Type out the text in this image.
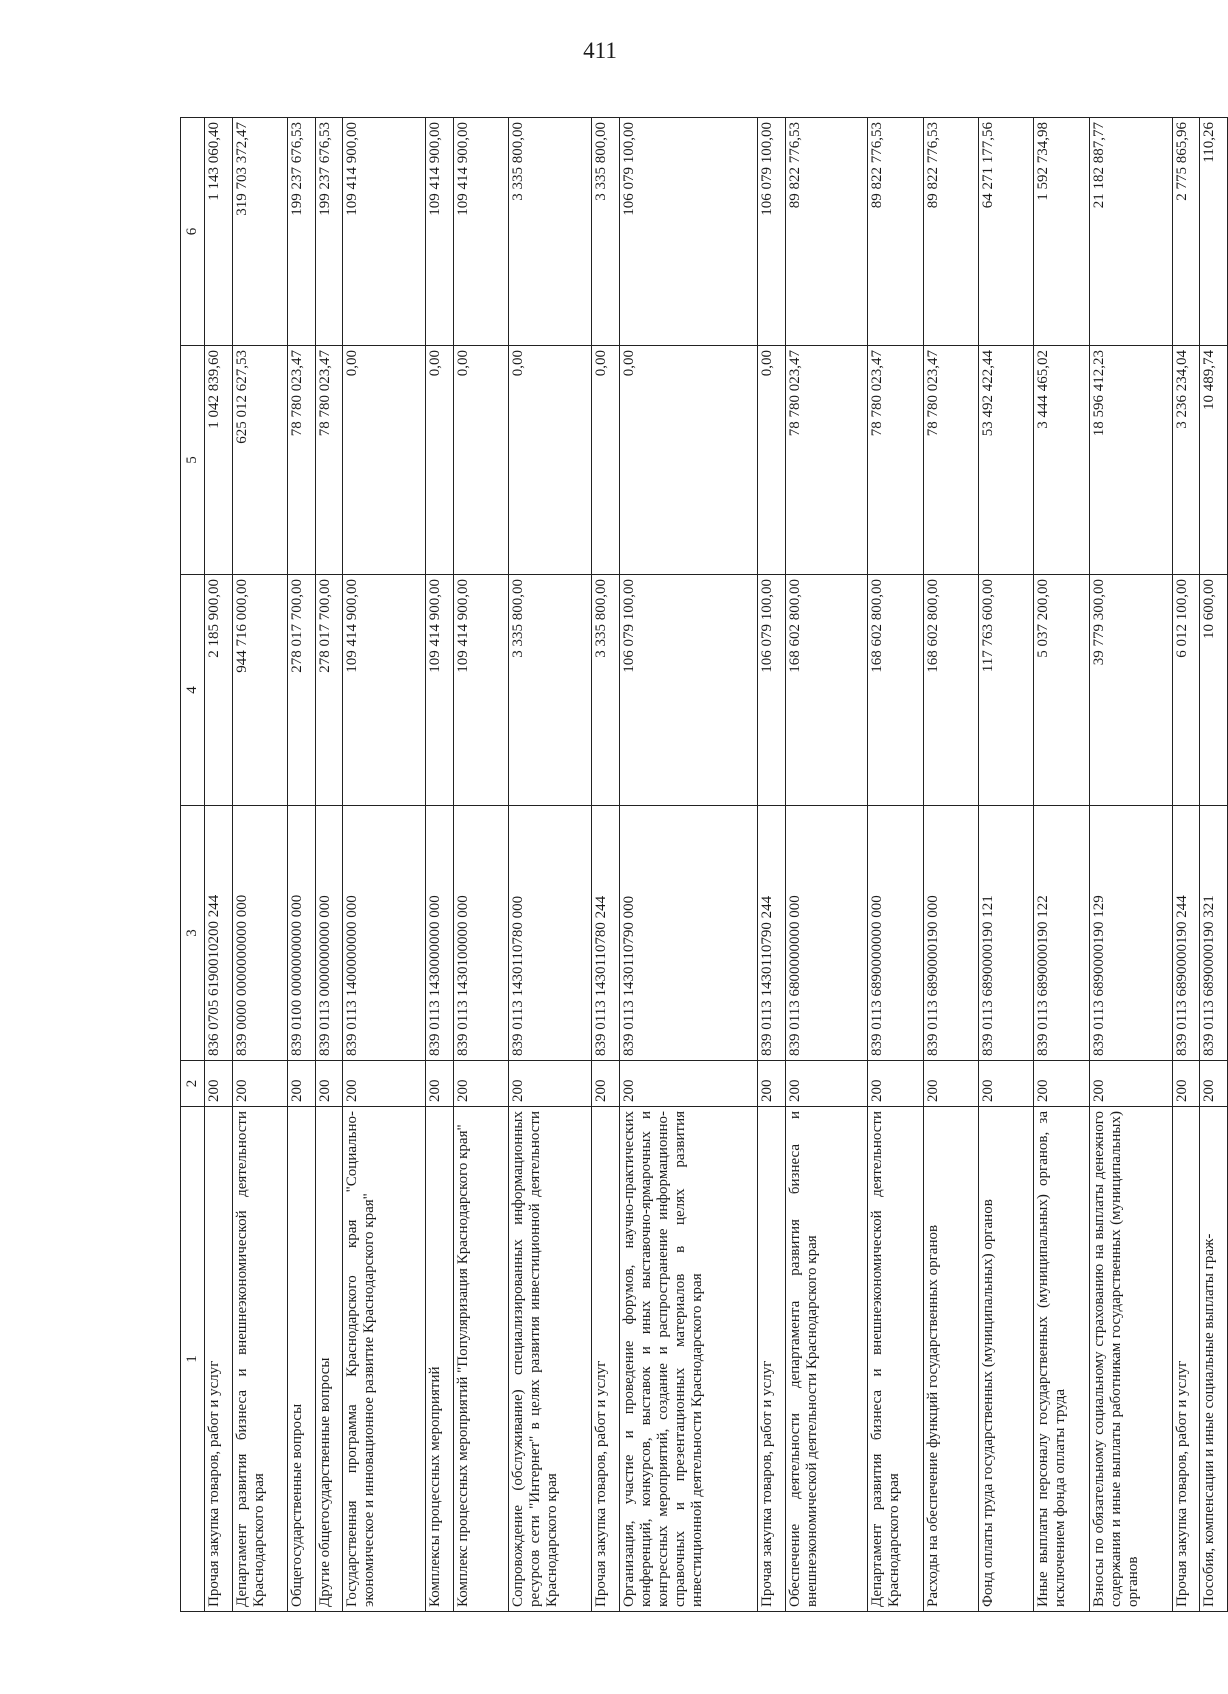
411
1	2	3	4	5	6
Прочая закупка товаров, работ и услуг	200	836 0705 6190010200 244	2 185 900,00	1 042 839,60	1 143 060,40
Департамент развития бизнеса и внешнеэкономической деятельности Краснодарского края	200	839 0000 0000000000 000	944 716 000,00	625 012 627,53	319 703 372,47
Общегосударственные вопросы	200	839 0100 0000000000 000	278 017 700,00	78 780 023,47	199 237 676,53
Другие общегосударственные вопросы	200	839 0113 0000000000 000	278 017 700,00	78 780 023,47	199 237 676,53
Государственная программа Краснодарского края "Социально-экономическое и инновационное развитие Краснодарского края"	200	839 0113 1400000000 000	109 414 900,00	0,00	109 414 900,00
Комплексы процессных мероприятий	200	839 0113 1430000000 000	109 414 900,00	0,00	109 414 900,00
Комплекс процессных мероприятий "Популяризация Краснодарского края"	200	839 0113 1430100000 000	109 414 900,00	0,00	109 414 900,00
Сопровождение (обслуживание) специализированных информационных ресурсов сети "Интернет" в целях развития инвестиционной деятельности Краснодарского края	200	839 0113 1430110780 000	3 335 800,00	0,00	3 335 800,00
Прочая закупка товаров, работ и услуг	200	839 0113 1430110780 244	3 335 800,00	0,00	3 335 800,00
Организация, участие и проведение форумов, научно-практических конференций, конкурсов, выставок и иных выставочно-ярмарочных и конгрессных мероприятий, создание и распространение информационно-справочных и презентационных материалов в целях развития инвестиционной деятельности Краснодарского края	200	839 0113 1430110790 000	106 079 100,00	0,00	106 079 100,00
Прочая закупка товаров, работ и услуг	200	839 0113 1430110790 244	106 079 100,00	0,00	106 079 100,00
Обеспечение деятельности департамента развития бизнеса и внешнеэкономической деятельности Краснодарского края	200	839 0113 6800000000 000	168 602 800,00	78 780 023,47	89 822 776,53
Департамент развития бизнеса и внешнеэкономической деятельности Краснодарского края	200	839 0113 6890000000 000	168 602 800,00	78 780 023,47	89 822 776,53
Расходы на обеспечение функций государственных органов	200	839 0113 6890000190 000	168 602 800,00	78 780 023,47	89 822 776,53
Фонд оплаты труда государственных (муниципальных) органов	200	839 0113 6890000190 121	117 763 600,00	53 492 422,44	64 271 177,56
Иные выплаты персоналу государственных (муниципальных) органов, за исключением фонда оплаты труда	200	839 0113 6890000190 122	5 037 200,00	3 444 465,02	1 592 734,98
Взносы по обязательному социальному страхованию на выплаты денежного содержания и иные выплаты работникам государственных (муниципальных) органов	200	839 0113 6890000190 129	39 779 300,00	18 596 412,23	21 182 887,77
Прочая закупка товаров, работ и услуг	200	839 0113 6890000190 244	6 012 100,00	3 236 234,04	2 775 865,96
Пособия, компенсации и иные социальные выплаты граж-	200	839 0113 6890000190 321	10 600,00	10 489,74	110,26
